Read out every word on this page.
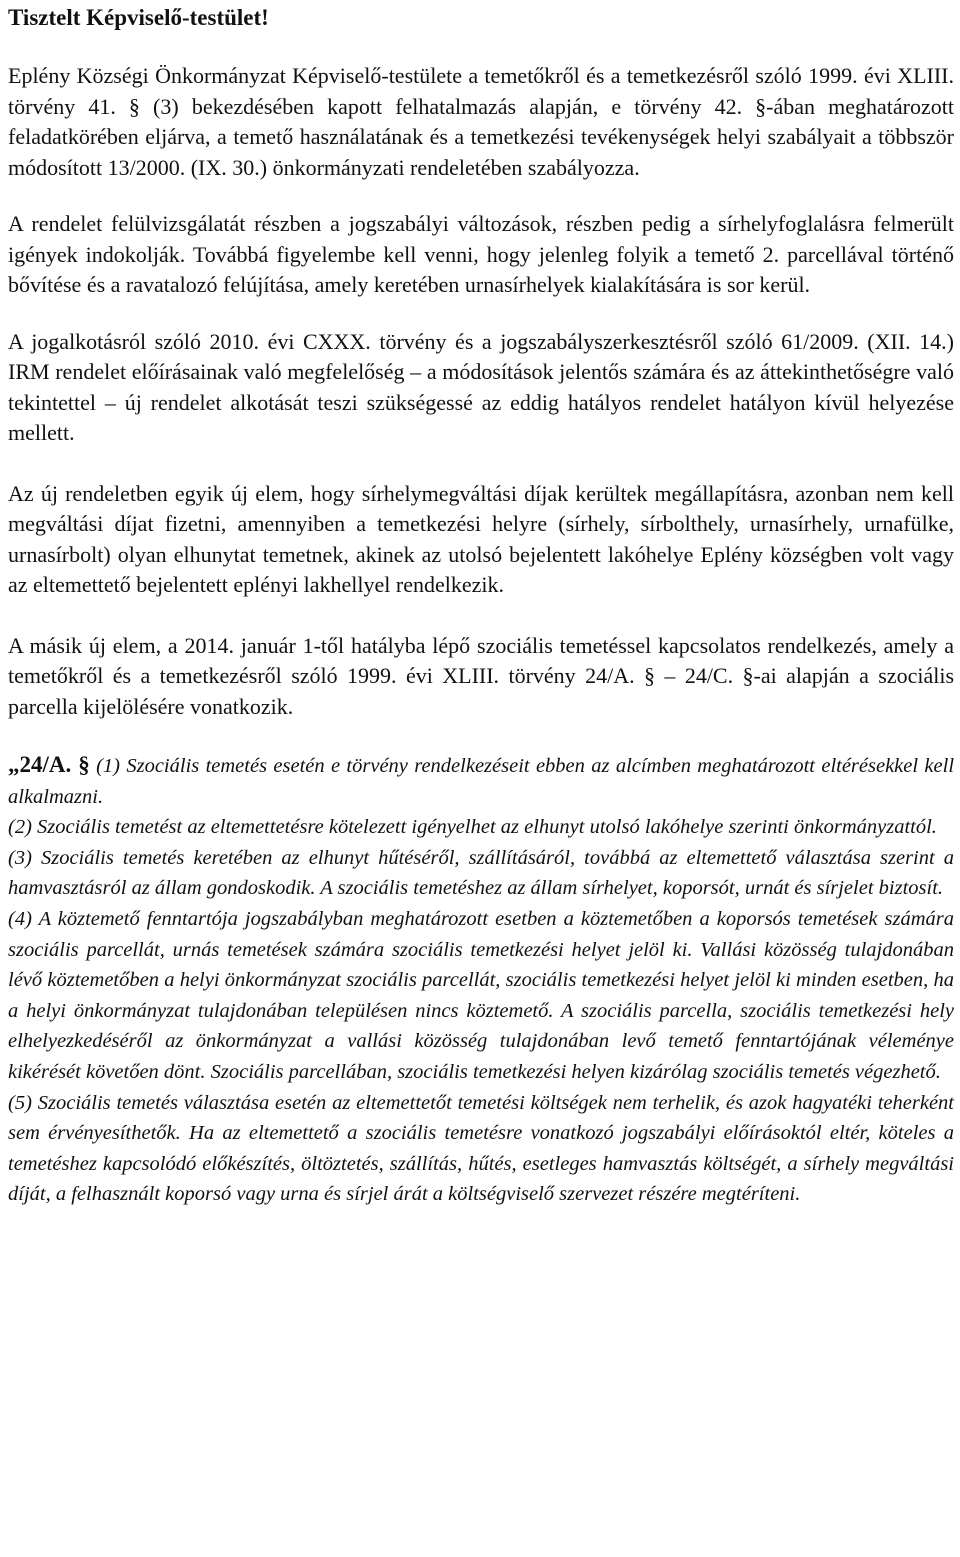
Tisztelt Képviselő-testület!

Eplény Községi Önkormányzat Képviselő-testülete a temetőkről és a temetkezésről szóló 1999. évi XLIII. törvény 41. § (3) bekezdésében kapott felhatalmazás alapján, e törvény 42. §-ában meghatározott feladatkörében eljárva, a temető használatának és a temetkezési tevékenységek helyi szabályait a többször módosított 13/2000. (IX. 30.) önkormányzati rendeletében szabályozza.

A rendelet felülvizsgálatát részben a jogszabályi változások, részben pedig a sírhelyfoglalásra felmerült igények indokolják. Továbbá figyelembe kell venni, hogy jelenleg folyik a temető 2. parcellával történő bővítése és a ravatalozó felújítása, amely keretében urnasírhelyek kialakítására is sor kerül.

A jogalkotásról szóló 2010. évi CXXX. törvény és a jogszabályszerkesztésről szóló 61/2009. (XII. 14.) IRM rendelet előírásainak való megfelelőség – a módosítások jelentős számára és az áttekinthetőségre való tekintettel – új rendelet alkotását teszi szükségessé az eddig hatályos rendelet hatályon kívül helyezése mellett.

Az új rendeletben egyik új elem, hogy sírhelymegváltási díjak kerültek megállapításra, azonban nem kell megváltási díjat fizetni, amennyiben a temetkezési helyre (sírhely, sírbolthely, urnasírhely, urnafülke, urnasírbolt) olyan elhunytat temetnek, akinek az utolsó bejelentett lakóhelye Eplény községben volt vagy az eltemettető bejelentett eplényi lakhellyel rendelkezik.

A másik új elem, a 2014. január 1-től hatályba lépő szociális temetéssel kapcsolatos rendelkezés, amely a temetőkről és a temetkezésről szóló 1999. évi XLIII. törvény 24/A. § – 24/C. §-ai alapján a szociális parcella kijelölésére vonatkozik.

„24/A. § (1) Szociális temetés esetén e törvény rendelkezéseit ebben az alcímben meghatározott eltérésekkel kell alkalmazni.

(2) Szociális temetést az eltemettetésre kötelezett igényelhet az elhunyt utolsó lakóhelye szerinti önkormányzattól.

(3) Szociális temetés keretében az elhunyt hűtéséről, szállításáról, továbbá az eltemettető választása szerint a hamvasztásról az állam gondoskodik. A szociális temetéshez az állam sírhelyet, koporsót, urnát és sírjelet biztosít.

(4) A köztemető fenntartója jogszabályban meghatározott esetben a köztemetőben a koporsós temetések számára szociális parcellát, urnás temetések számára szociális temetkezési helyet jelöl ki. Vallási közösség tulajdonában lévő köztemetőben a helyi önkormányzat szociális parcellát, szociális temetkezési helyet jelöl ki minden esetben, ha a helyi önkormányzat tulajdonában településen nincs köztemető. A szociális parcella, szociális temetkezési hely elhelyezkedéséről az önkormányzat a vallási közösség tulajdonában levő temető fenntartójának véleménye kikérését követően dönt. Szociális parcellában, szociális temetkezési helyen kizárólag szociális temetés végezhető.

(5) Szociális temetés választása esetén az eltemettetőt temetési költségek nem terhelik, és azok hagyatéki teherként sem érvényesíthetők. Ha az eltemettető a szociális temetésre vonatkozó jogszabályi előírásoktól eltér, köteles a temetéshez kapcsolódó előkészítés, öltöztetés, szállítás, hűtés, esetleges hamvasztás költségét, a sírhely megváltási díját, a felhasznált koporsó vagy urna és sírjel árát a költségviselő szervezet részére megtéríteni.
